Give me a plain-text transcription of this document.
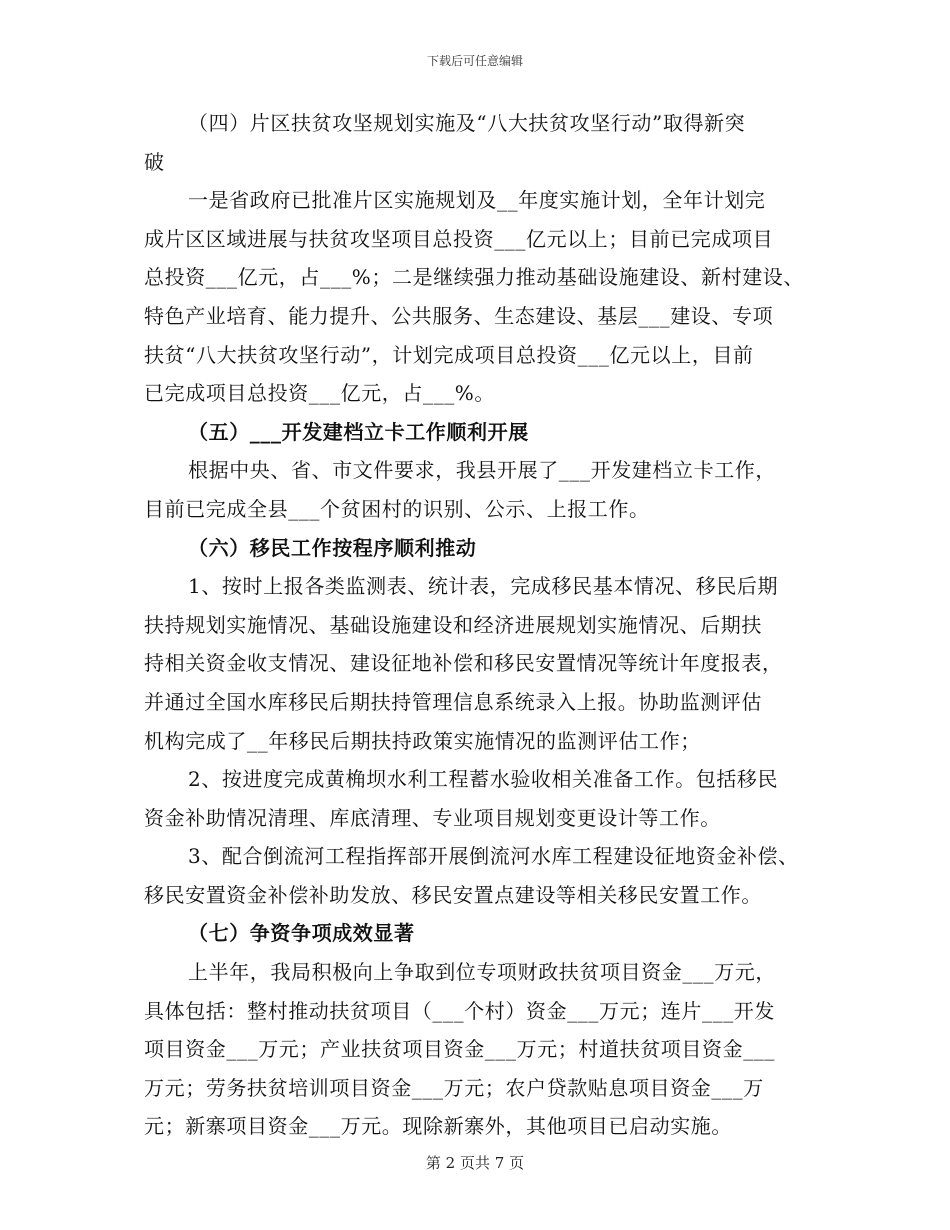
下载后可任意编辑
（四）片区扶贫攻坚规划实施及“八大扶贫攻坚行动”取得新突
破
一是省政府已批准片区实施规划及__年度实施计划，全年计划完
成片区区域进展与扶贫攻坚项目总投资___亿元以上；目前已完成项目
总投资___亿元，占___%；二是继续强力推动基础设施建设、新村建设、
特色产业培育、能力提升、公共服务、生态建设、基层___建设、专项
扶贫“八大扶贫攻坚行动”，计划完成项目总投资___亿元以上，目前
已完成项目总投资___亿元，占___%。
（五）___开发建档立卡工作顺利开展
根据中央、省、市文件要求，我县开展了___开发建档立卡工作，
目前已完成全县___个贫困村的识别、公示、上报工作。
（六）移民工作按程序顺利推动
1、按时上报各类监测表、统计表，完成移民基本情况、移民后期
扶持规划实施情况、基础设施建设和经济进展规划实施情况、后期扶
持相关资金收支情况、建设征地补偿和移民安置情况等统计年度报表，
并通过全国水库移民后期扶持管理信息系统录入上报。协助监测评估
机构完成了__年移民后期扶持政策实施情况的监测评估工作；
2、按进度完成黄桷坝水利工程蓄水验收相关准备工作。包括移民
资金补助情况清理、库底清理、专业项目规划变更设计等工作。
3、配合倒流河工程指挥部开展倒流河水库工程建设征地资金补偿、
移民安置资金补偿补助发放、移民安置点建设等相关移民安置工作。
（七）争资争项成效显著
上半年，我局积极向上争取到位专项财政扶贫项目资金___万元，
具体包括：整村推动扶贫项目（___个村）资金___万元；连片___开发
项目资金___万元；产业扶贫项目资金___万元；村道扶贫项目资金___
万元；劳务扶贫培训项目资金___万元；农户贷款贴息项目资金___万
元；新寨项目资金___万元。现除新寨外，其他项目已启动实施。
第 2 页共 7 页
